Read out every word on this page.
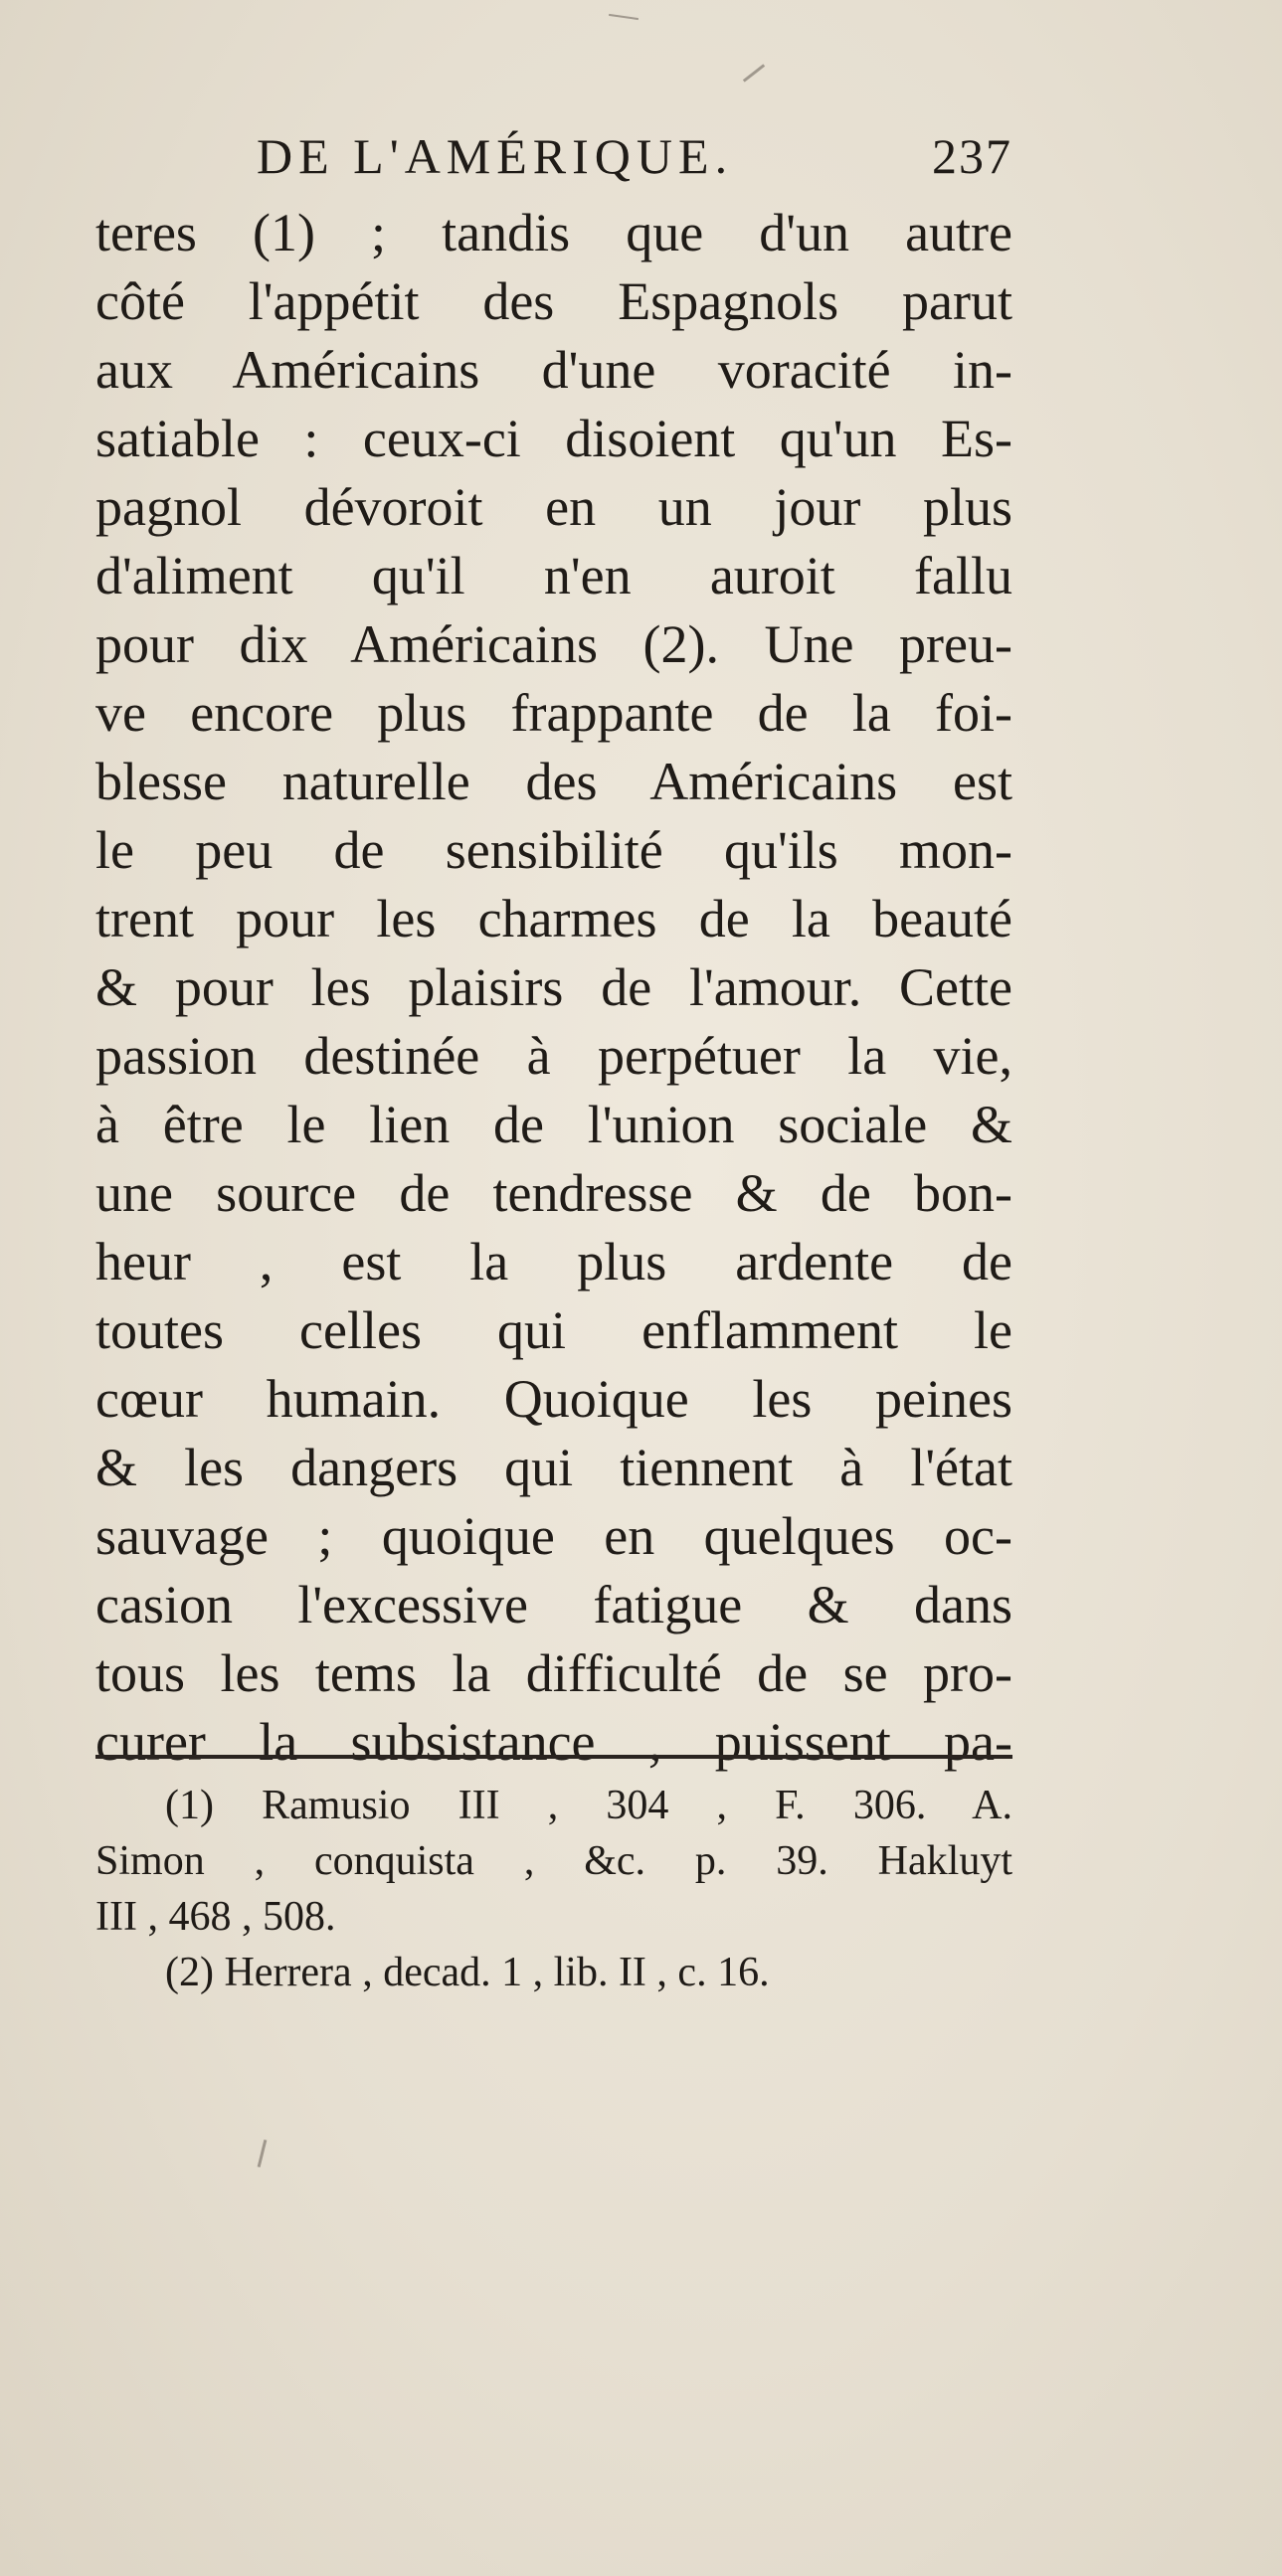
DE L'AMÉRIQUE.	237
teres (1) ; tandis que d'un autre
côté l'appétit des Espagnols parut
aux Américains d'une voracité in-
satiable : ceux-ci disoient qu'un Es-
pagnol dévoroit en un jour plus
d'aliment qu'il n'en auroit fallu
pour dix Américains (2). Une preu-
ve encore plus frappante de la foi-
blesse naturelle des Américains est
le peu de sensibilité qu'ils mon-
trent pour les charmes de la beauté
& pour les plaisirs de l'amour. Cette
passion destinée à perpétuer la vie,
à être le lien de l'union sociale &
une source de tendresse & de bon-
heur , est la plus ardente de
toutes celles qui enflamment le
cœur humain. Quoique les peines
& les dangers qui tiennent à l'état
sauvage ; quoique en quelques oc-
casion l'excessive fatigue & dans
tous les tems la difficulté de se pro-
curer la subsistance , puissent pa-
(1) Ramusio III , 304 , F. 306. A.
Simon , conquista , &c. p. 39. Hakluyt
III , 468 , 508.
(2) Herrera , decad. 1 , lib. II , c. 16.
